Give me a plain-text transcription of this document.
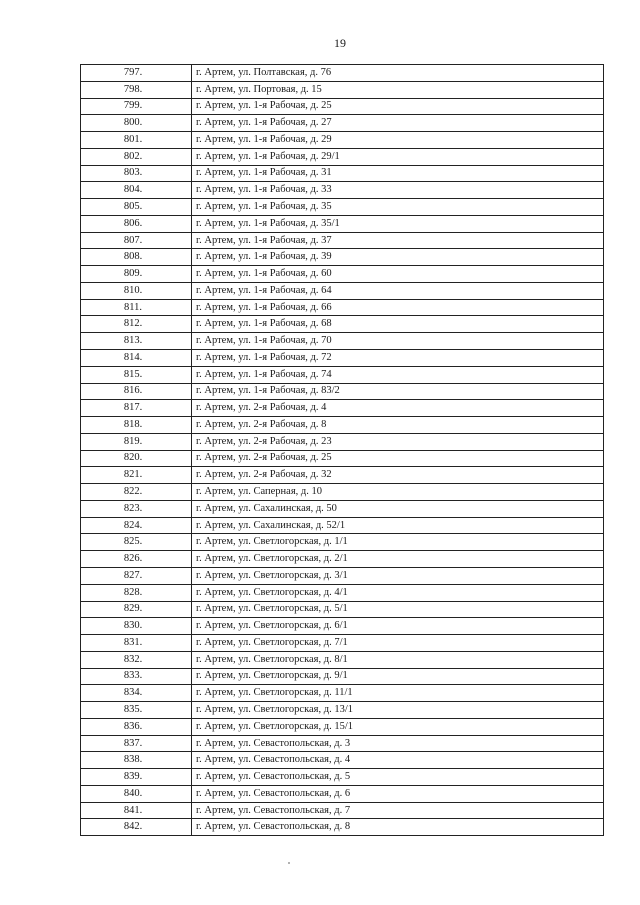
19
797.	г. Артем, ул. Полтавская, д. 76
798.	г. Артем, ул. Портовая, д. 15
799.	г. Артем, ул. 1-я Рабочая, д. 25
800.	г. Артем, ул. 1-я Рабочая, д. 27
801.	г. Артем, ул. 1-я Рабочая, д. 29
802.	г. Артем, ул. 1-я Рабочая, д. 29/1
803.	г. Артем, ул. 1-я Рабочая, д. 31
804.	г. Артем, ул. 1-я Рабочая, д. 33
805.	г. Артем, ул. 1-я Рабочая, д. 35
806.	г. Артем, ул. 1-я Рабочая, д. 35/1
807.	г. Артем, ул. 1-я Рабочая, д. 37
808.	г. Артем, ул. 1-я Рабочая, д. 39
809.	г. Артем, ул. 1-я Рабочая, д. 60
810.	г. Артем, ул. 1-я Рабочая, д. 64
811.	г. Артем, ул. 1-я Рабочая, д. 66
812.	г. Артем, ул. 1-я Рабочая, д. 68
813.	г. Артем, ул. 1-я Рабочая, д. 70
814.	г. Артем, ул. 1-я Рабочая, д. 72
815.	г. Артем, ул. 1-я Рабочая, д. 74
816.	г. Артем, ул. 1-я Рабочая, д. 83/2
817.	г. Артем, ул. 2-я Рабочая, д. 4
818.	г. Артем, ул. 2-я Рабочая, д. 8
819.	г. Артем, ул. 2-я Рабочая, д. 23
820.	г. Артем, ул. 2-я Рабочая, д. 25
821.	г. Артем, ул. 2-я Рабочая, д. 32
822.	г. Артем, ул. Саперная, д. 10
823.	г. Артем, ул. Сахалинская, д. 50
824.	г. Артем, ул. Сахалинская, д. 52/1
825.	г. Артем, ул. Светлогорская, д. 1/1
826.	г. Артем, ул. Светлогорская, д. 2/1
827.	г. Артем, ул. Светлогорская, д. 3/1
828.	г. Артем, ул. Светлогорская, д. 4/1
829.	г. Артем, ул. Светлогорская, д. 5/1
830.	г. Артем, ул. Светлогорская, д. 6/1
831.	г. Артем, ул. Светлогорская, д. 7/1
832.	г. Артем, ул. Светлогорская, д. 8/1
833.	г. Артем, ул. Светлогорская, д. 9/1
834.	г. Артем, ул. Светлогорская, д. 11/1
835.	г. Артем, ул. Светлогорская, д. 13/1
836.	г. Артем, ул. Светлогорская, д. 15/1
837.	г. Артем, ул. Севастопольская, д. 3
838.	г. Артем, ул. Севастопольская, д. 4
839.	г. Артем, ул. Севастопольская, д. 5
840.	г. Артем, ул. Севастопольская, д. 6
841.	г. Артем, ул. Севастопольская, д. 7
842.	г. Артем, ул. Севастопольская, д. 8
